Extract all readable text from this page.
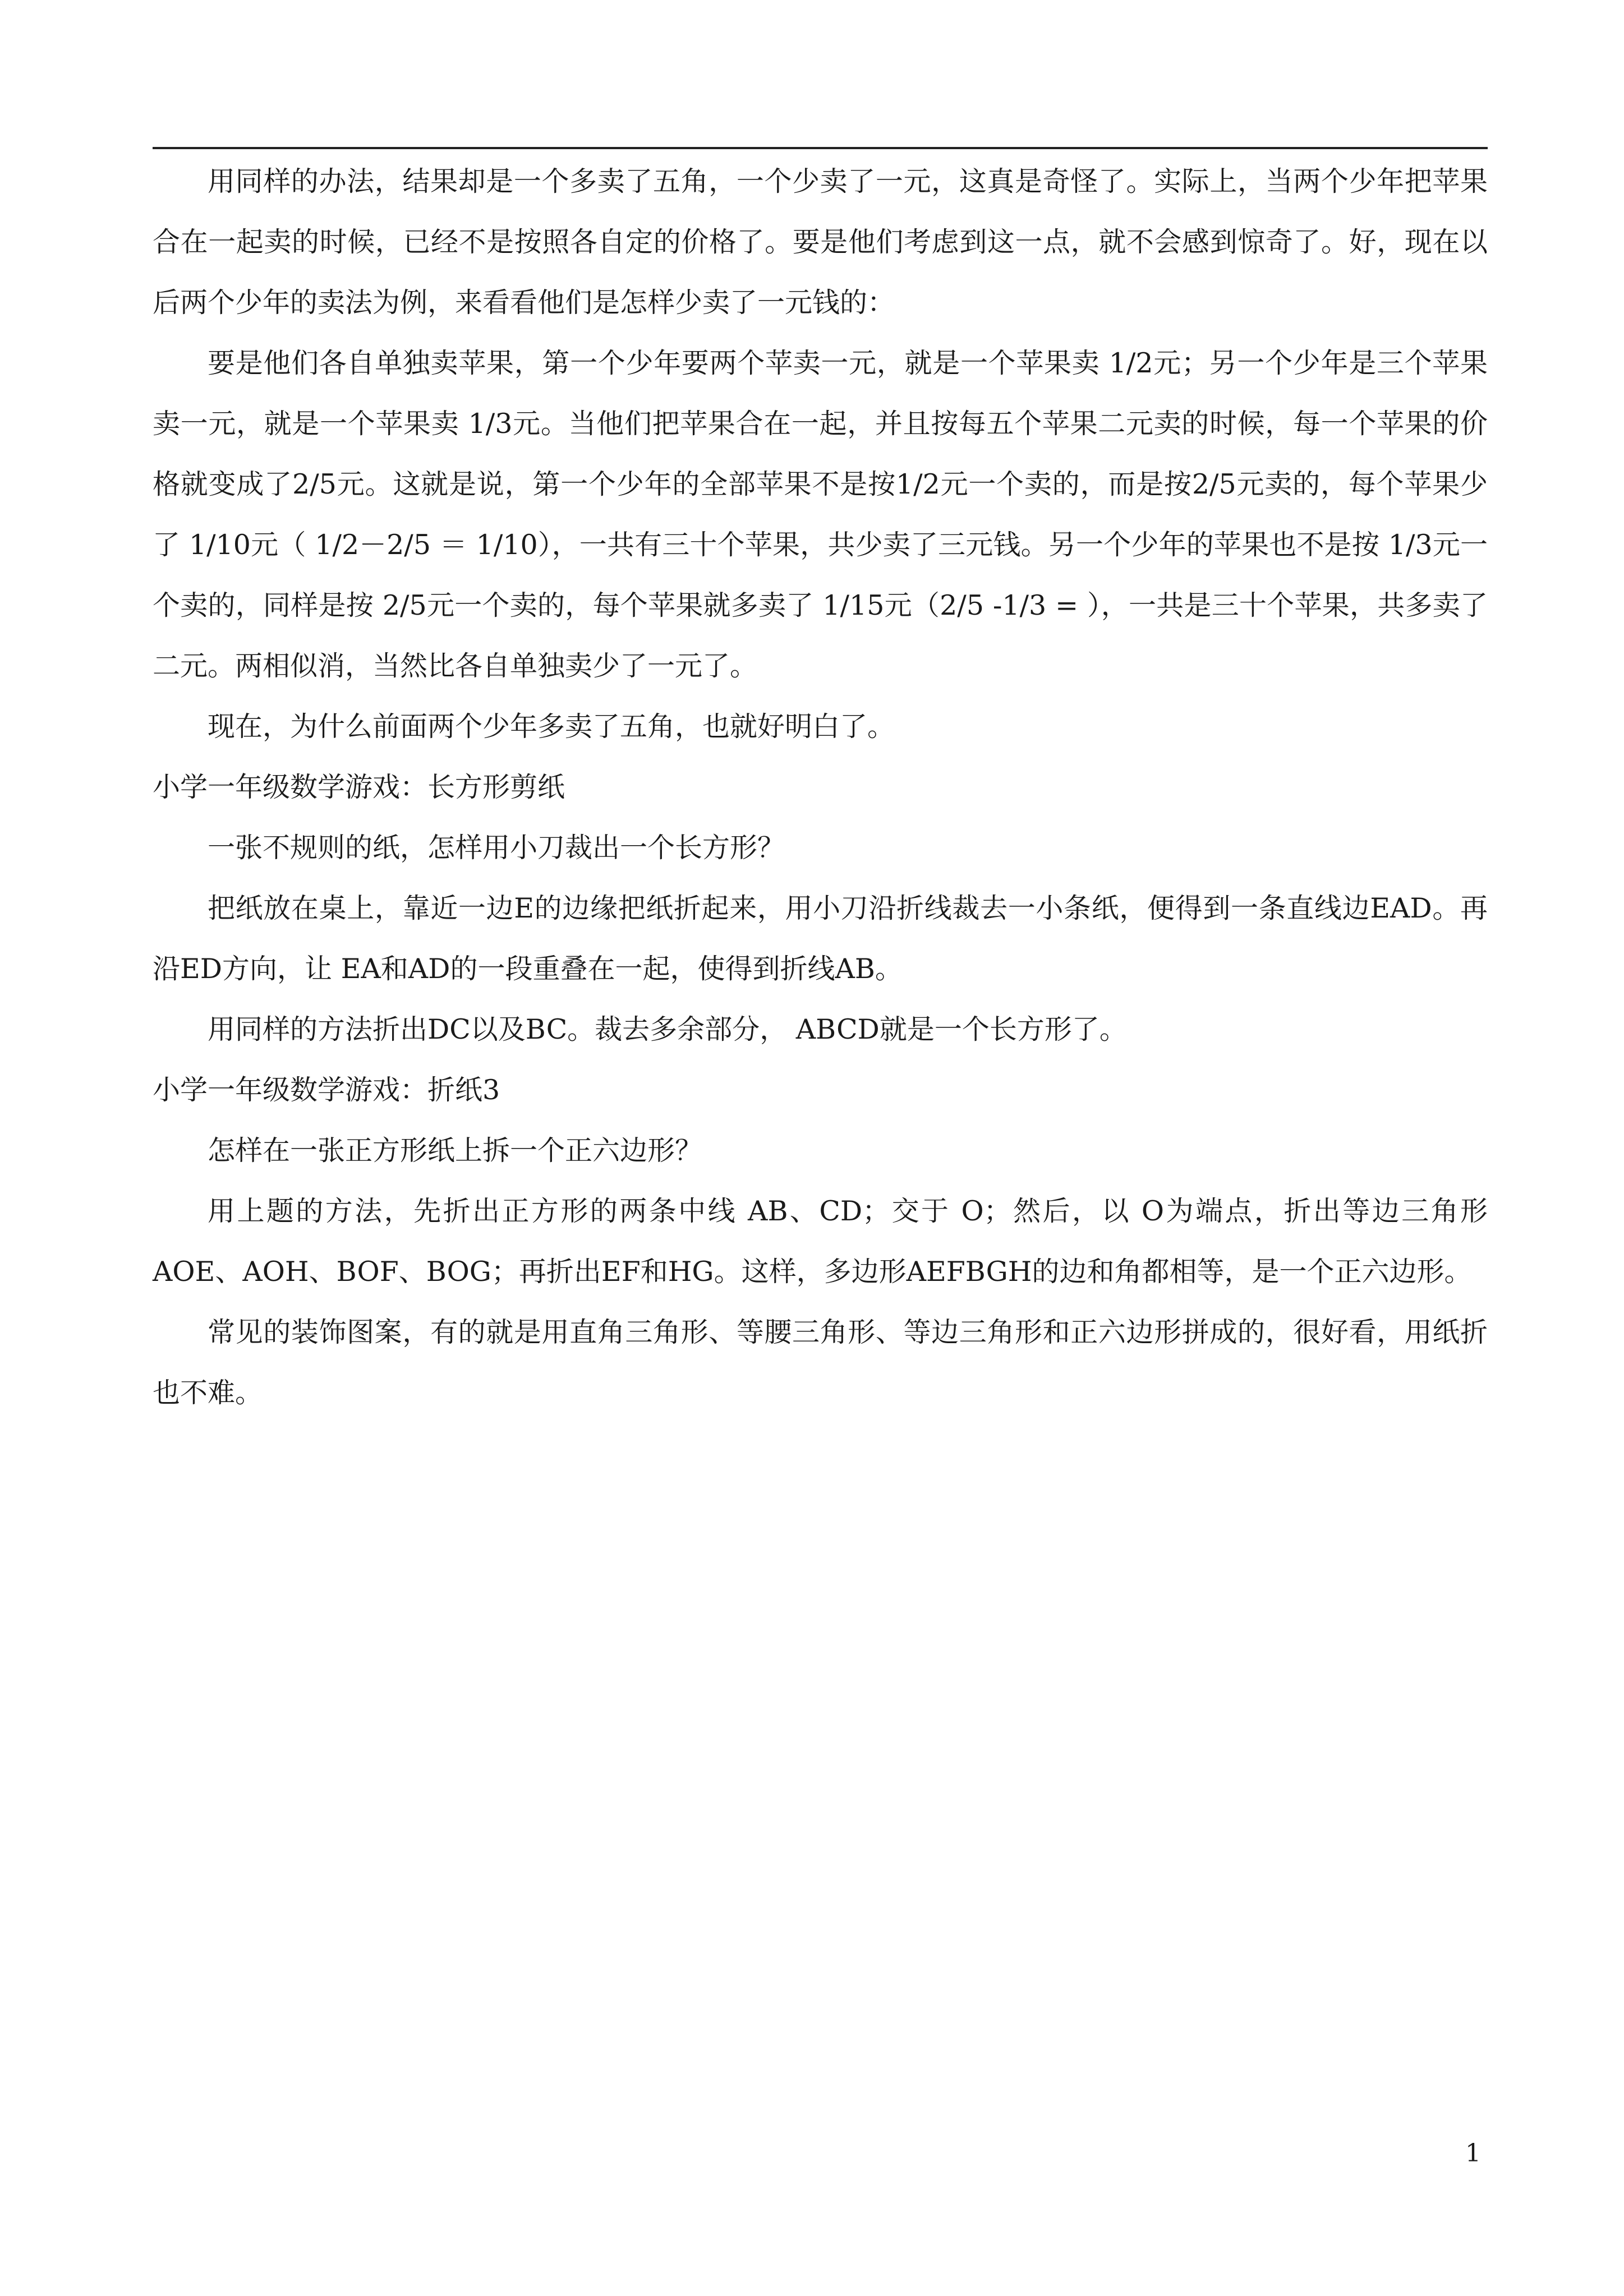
用同样的办法，结果却是一个多卖了五角，一个少卖了一元，这真是奇怪了。实际上，当两个少年把苹果合在一起卖的时候，已经不是按照各自定的价格了。要是他们考虑到这一点，就不会感到惊奇了。好，现在以后两个少年的卖法为例，来看看他们是怎样少卖了一元钱的：

要是他们各自单独卖苹果，第一个少年要两个苹卖一元，就是一个苹果卖 1/2元；另一个少年是三个苹果卖一元，就是一个苹果卖 1/3元。当他们把苹果合在一起，并且按每五个苹果二元卖的时候，每一个苹果的价格就变成了2/5元。这就是说，第一个少年的全部苹果不是按1/2元一个卖的，而是按2/5元卖的，每个苹果少了 1/10元（ 1/2－2/5 ＝ 1/10），一共有三十个苹果，共少卖了三元钱。另一个少年的苹果也不是按 1/3元一个卖的，同样是按 2/5元一个卖的，每个苹果就多卖了 1/15元（2/5 -1/3 = ），一共是三十个苹果，共多卖了二元。两相似消，当然比各自单独卖少了一元了。

现在，为什么前面两个少年多卖了五角，也就好明白了。

小学一年级数学游戏：长方形剪纸

一张不规则的纸，怎样用小刀裁出一个长方形？

把纸放在桌上，靠近一边E的边缘把纸折起来，用小刀沿折线裁去一小条纸，便得到一条直线边EAD。再沿ED方向，让 EA和AD的一段重叠在一起，使得到折线AB。

用同样的方法折出DC以及BC。裁去多余部分， ABCD就是一个长方形了。

小学一年级数学游戏：折纸3

怎样在一张正方形纸上拆一个正六边形？

用上题的方法，先折出正方形的两条中线 AB、CD；交于 O；然后，以 O为端点，折出等边三角形AOE、AOH、BOF、BOG；再折出EF和HG。这样，多边形AEFBGH的边和角都相等，是一个正六边形。

常见的装饰图案，有的就是用直角三角形、等腰三角形、等边三角形和正六边形拼成的，很好看，用纸折也不难。

1
